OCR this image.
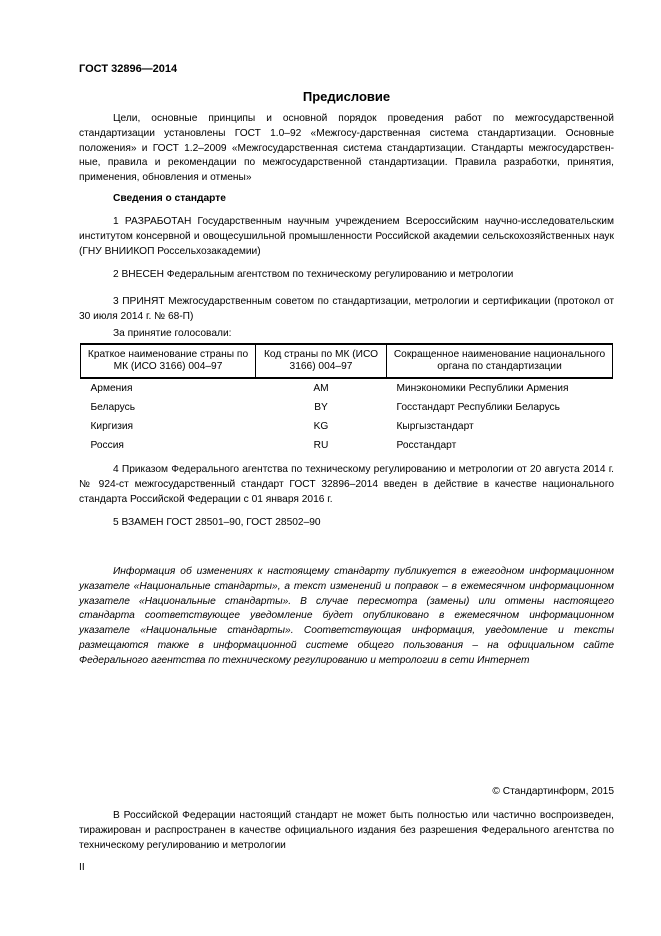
ГОСТ 32896—2014
Предисловие
Цели, основные принципы и основной порядок проведения работ по межгосударственной стандартизации установлены ГОСТ 1.0–92 «Межгосу-дарственная система стандартизации. Основные положения» и ГОСТ 1.2–2009 «Межгосударственная система стандартизации. Стандарты межгосударствен-ные, правила и рекомендации по межгосударственной стандартизации. Правила разработки, принятия, применения, обновления и отмены»
Сведения о стандарте
1 РАЗРАБОТАН Государственным научным учреждением Всероссийским научно-исследовательским институтом консервной и овощесушильной промышленности Российской академии сельскохозяйственных наук (ГНУ ВНИИКОП Россельхозакадемии)
2 ВНЕСЕН Федеральным агентством по техническому регулированию и метрологии
3 ПРИНЯТ Межгосударственным советом по стандартизации, метрологии и сертификации (протокол от 30 июля 2014 г. № 68-П)
За принятие голосовали:
Краткое наименование страны по МК (ИСО 3166) 004–97	Код страны по МК (ИСО 3166) 004–97	Сокращенное наименование национального органа по стандартизации
Армения	AM	Минэкономики Республики Армения
Беларусь	BY	Госстандарт Республики Беларусь
Киргизия	KG	Кыргызстандарт
Россия	RU	Росстандарт
4 Приказом Федерального агентства по техническому регулированию и метрологии от 20 августа 2014 г. № 924-ст межгосударственный стандарт ГОСТ 32896–2014 введен в действие в качестве национального стандарта Российской Федерации с 01 января 2016 г.
5 ВЗАМЕН ГОСТ 28501–90, ГОСТ 28502–90
Информация об изменениях к настоящему стандарту публикуется в ежегодном информационном указателе «Национальные стандарты», а текст изменений и поправок – в ежемесячном информационном указателе «Национальные стандарты». В случае пересмотра (замены) или отмены настоящего стандарта соответствующее уведомление будет опубликовано в ежемесячном информационном указателе «Национальные стандарты». Соответствующая информация, уведомление и тексты размещаются также в информационной системе общего пользования – на официальном сайте Федерального агентства по техническому регулированию и метрологии в сети Интернет
© Стандартинформ, 2015
В Российской Федерации настоящий стандарт не может быть полностью или частично воспроизведен, тиражирован и распространен в качестве официального издания без разрешения Федерального агентства по техническому регулированию и метрологии
II
